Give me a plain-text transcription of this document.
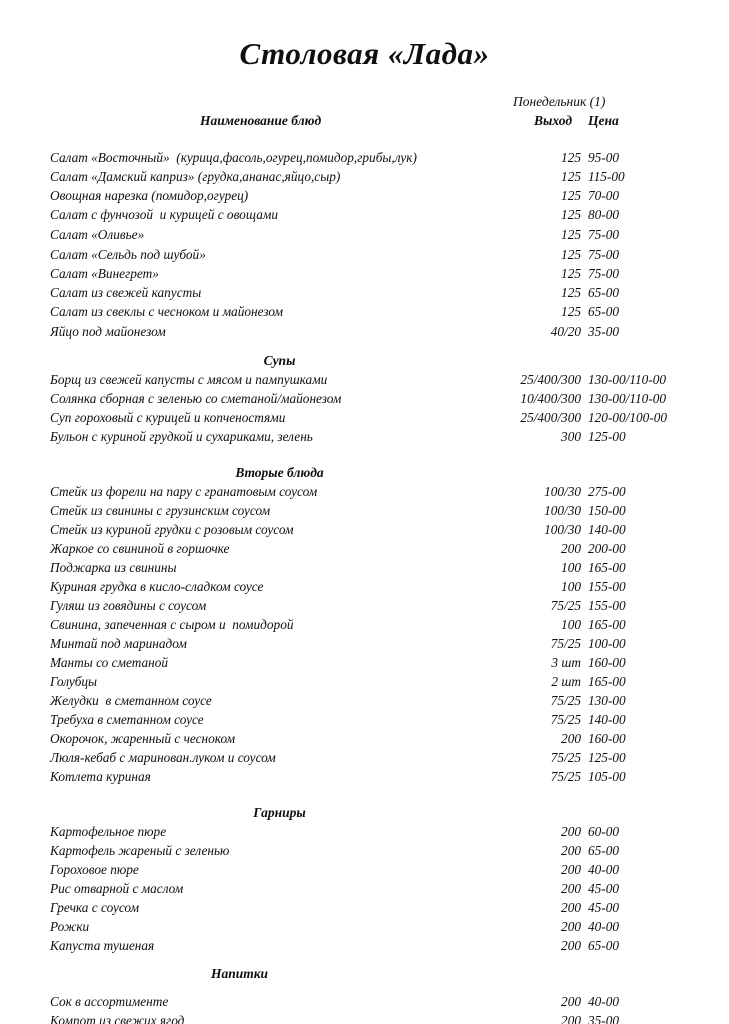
Столовая «Лада»
Понедельник (1)
Наименование блюд	Выход Цена
Салат «Восточный»  (курица,фасоль,огурец,помидор,грибы,лук)	125 95-00
Салат «Дамский каприз» (грудка,ананас,яйцо,сыр)	125 115-00
Овощная нарезка (помидор,огурец)	125 70-00
Салат с фунчозой  и курицей с овощами	125 80-00
Салат «Оливье»	125 75-00
Салат «Сельдь под шубой»	125 75-00
Салат «Винегрет»	125 75-00
Салат из свежей капусты	125 65-00
Салат из свеклы с чесноком и майонезом	125 65-00
Яйцо под майонезом	40/20 35-00
Супы
Борщ из свежей капусты с мясом и пампушками	25/400/300 130-00/110-00
Солянка сборная с зеленью со сметаной/майонезом	10/400/300 130-00/110-00
Суп гороховый с курицей и копченостями	25/400/300 120-00/100-00
Бульон с куриной грудкой и сухариками, зелень	300 125-00
Вторые блюда
Стейк из форели на пару с гранатовым соусом	100/30 275-00
Стейк из свинины с грузинским соусом	100/30 150-00
Стейк из куриной грудки с розовым соусом	100/30 140-00
Жаркое со свининой в горшочке	200 200-00
Поджарка из свинины	100 165-00
Куриная грудка в кисло-сладком соусе	100 155-00
Гуляш из говядины с соусом	75/25 155-00
Свинина, запеченная с сыром и  помидорой	100 165-00
Минтай под маринадом	75/25 100-00
Манты со сметаной	3 шт 160-00
Голубцы	2 шт 165-00
Желудки  в сметанном соусе	75/25 130-00
Требуха в сметанном соусе	75/25 140-00
Окорочок, жаренный с чесноком	200 160-00
Люля-кебаб с маринован.луком и соусом	75/25 125-00
Котлета куриная	75/25 105-00
Гарниры
Картофельное пюре	200 60-00
Картофель жареный с зеленью	200 65-00
Гороховое пюре	200 40-00
Рис отварной с маслом	200 45-00
Гречка с соусом	200 45-00
Рожки	200 40-00
Капуста тушеная	200 65-00
Напитки
Сок в ассортименте	200 40-00
Компот из свежих ягод	200 35-00
